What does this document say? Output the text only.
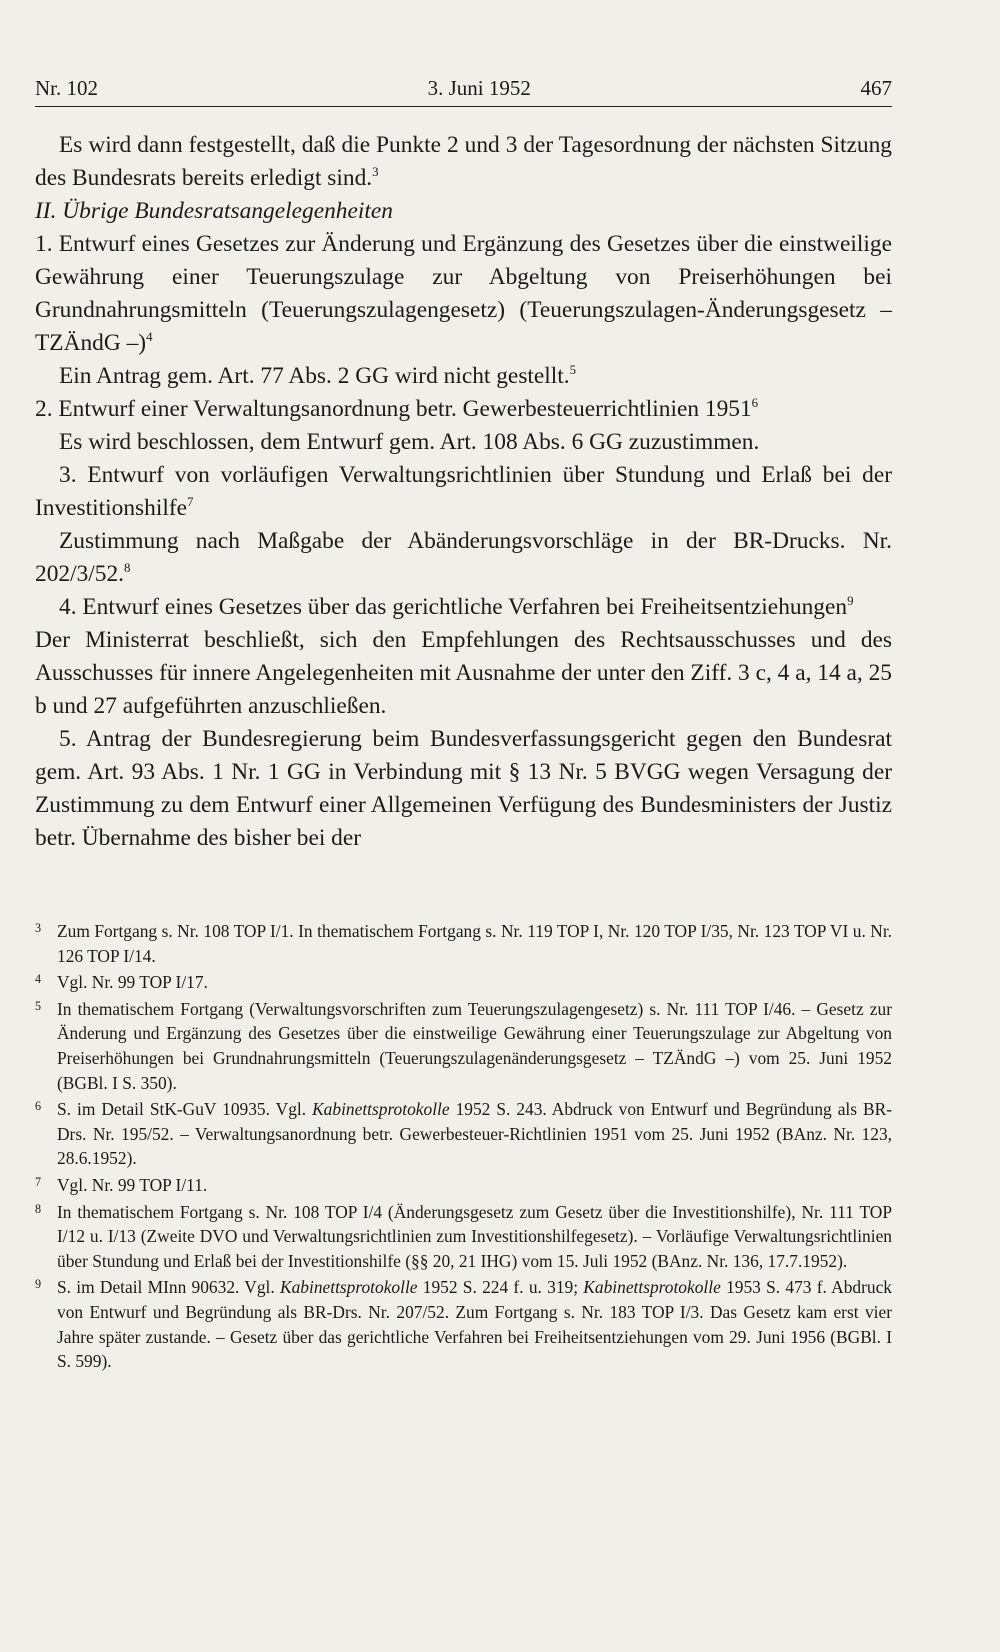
Nr. 102	3. Juni 1952	467

Es wird dann festgestellt, daß die Punkte 2 und 3 der Tagesordnung der nächsten Sitzung des Bundesrats bereits erledigt sind.$^3$

II. Übrige Bundesratsangelegenheiten

1. Entwurf eines Gesetzes zur Änderung und Ergänzung des Gesetzes über die einstweilige Gewährung einer Teuerungszulage zur Abgeltung von Preiserhöhungen bei Grundnahrungsmitteln (Teuerungszulagengesetz) (Teuerungszulagen-Änderungsgesetz – TZÄndG –)$^4$

Ein Antrag gem. Art. 77 Abs. 2 GG wird nicht gestellt.$^5$

2. Entwurf einer Verwaltungsanordnung betr. Gewerbesteuerrichtlinien 1951$^6$

Es wird beschlossen, dem Entwurf gem. Art. 108 Abs. 6 GG zuzustimmen.

3. Entwurf von vorläufigen Verwaltungsrichtlinien über Stundung und Erlaß bei der Investitionshilfe$^7$

Zustimmung nach Maßgabe der Abänderungsvorschläge in der BR-Drucks. Nr. 202/3/52.$^8$

4. Entwurf eines Gesetzes über das gerichtliche Verfahren bei Freiheitsentziehungen$^9$

Der Ministerrat beschließt, sich den Empfehlungen des Rechtsausschusses und des Ausschusses für innere Angelegenheiten mit Ausnahme der unter den Ziff. 3 c, 4 a, 14 a, 25 b und 27 aufgeführten anzuschließen.

5. Antrag der Bundesregierung beim Bundesverfassungsgericht gegen den Bundesrat gem. Art. 93 Abs. 1 Nr. 1 GG in Verbindung mit § 13 Nr. 5 BVGG wegen Versagung der Zustimmung zu dem Entwurf einer Allgemeinen Verfügung des Bundesministers der Justiz betr. Übernahme des bisher bei der

3 Zum Fortgang s. Nr. 108 TOP I/1. In thematischem Fortgang s. Nr. 119 TOP I, Nr. 120 TOP I/35, Nr. 123 TOP VI u. Nr. 126 TOP I/14.
4 Vgl. Nr. 99 TOP I/17.
5 In thematischem Fortgang (Verwaltungsvorschriften zum Teuerungszulagengesetz) s. Nr. 111 TOP I/46. – Gesetz zur Änderung und Ergänzung des Gesetzes über die einstweilige Gewährung einer Teuerungszulage zur Abgeltung von Preiserhöhungen bei Grundnahrungsmitteln (Teuerungszulagenänderungsgesetz – TZÄndG –) vom 25. Juni 1952 (BGBl. I S. 350).
6 S. im Detail StK-GuV 10935. Vgl. Kabinettsprotokolle 1952 S. 243. Abdruck von Entwurf und Begründung als BR-Drs. Nr. 195/52. – Verwaltungsanordnung betr. Gewerbesteuer-Richtlinien 1951 vom 25. Juni 1952 (BAnz. Nr. 123, 28.6.1952).
7 Vgl. Nr. 99 TOP I/11.
8 In thematischem Fortgang s. Nr. 108 TOP I/4 (Änderungsgesetz zum Gesetz über die Investitionshilfe), Nr. 111 TOP I/12 u. I/13 (Zweite DVO und Verwaltungsrichtlinien zum Investitionshilfegesetz). – Vorläufige Verwaltungsrichtlinien über Stundung und Erlaß bei der Investitionshilfe (§§ 20, 21 IHG) vom 15. Juli 1952 (BAnz. Nr. 136, 17.7.1952).
9 S. im Detail MInn 90632. Vgl. Kabinettsprotokolle 1952 S. 224 f. u. 319; Kabinettsprotokolle 1953 S. 473 f. Abdruck von Entwurf und Begründung als BR-Drs. Nr. 207/52. Zum Fortgang s. Nr. 183 TOP I/3. Das Gesetz kam erst vier Jahre später zustande. – Gesetz über das gerichtliche Verfahren bei Freiheitsentziehungen vom 29. Juni 1956 (BGBl. I S. 599).
